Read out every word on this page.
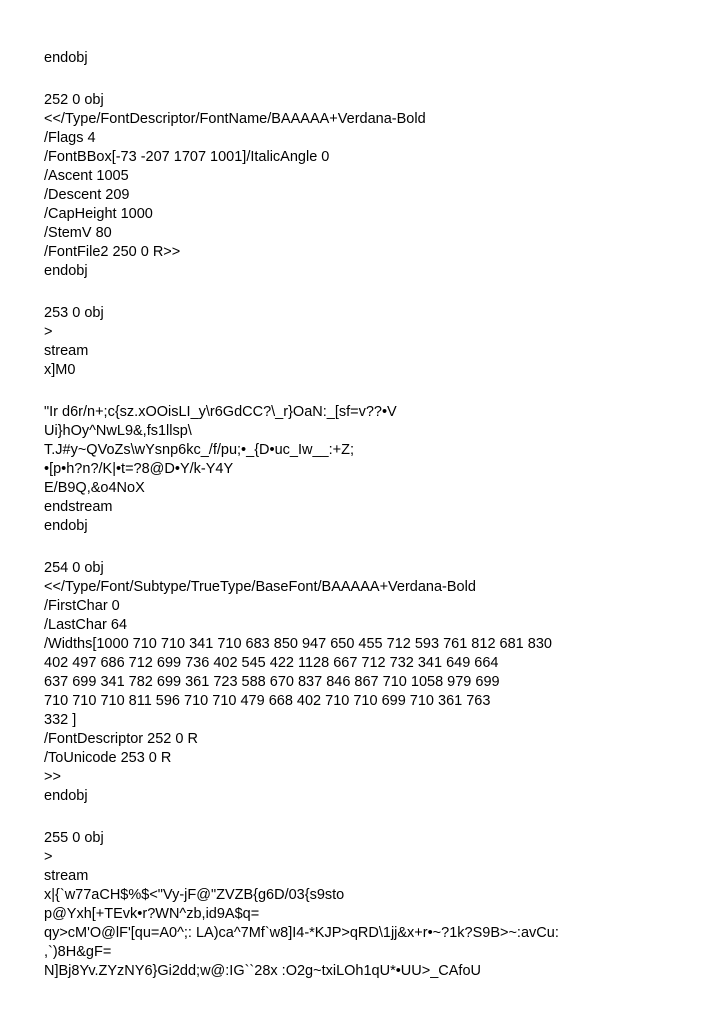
endobj
252 0 obj
<</Type/FontDescriptor/FontName/BAAAAA+Verdana-Bold
/Flags 4
/FontBBox[-73 -207 1707 1001]/ItalicAngle 0
/Ascent 1005
/Descent 209
/CapHeight 1000
/StemV 80
/FontFile2 250 0 R>>
endobj
253 0 obj
>
stream
x]M0
"Ir d6r/n+;c{sz.xOOisLI_y\r6GdCC?\_r}OaN:_[sf=v??•V
Ui}hOy^NwL9&,fs1llsp\
T.J#y~QVoZs\wYsnp6kc_/f/pu;•_{D•uc_Iw__:+Z;
•[p•h?n?/K|•t=?8@D•Y/k-Y4Y
E/B9Q,&o4NoX
endstream
endobj
254 0 obj
<</Type/Font/Subtype/TrueType/BaseFont/BAAAAA+Verdana-Bold
/FirstChar 0
/LastChar 64
/Widths[1000 710 710 341 710 683 850 947 650 455 712 593 761 812 681 830
402 497 686 712 699 736 402 545 422 1128 667 712 732 341 649 664
637 699 341 782 699 361 723 588 670 837 846 867 710 1058 979 699
710 710 710 811 596 710 710 479 668 402 710 710 699 710 361 763
332 ]
/FontDescriptor 252 0 R
/ToUnicode 253 0 R
>>
endobj
255 0 obj
>
stream
x|{`w77aCH$%$<"Vy-jF@"ZVZB{g6D/03{s9sto
p@Yxh[+TEvk•r?WN^zb,id9A$q=
qy>cM'O@lF'[qu=A0^;: LA)ca^7Mf`w8]I4-*KJP>qRD\1jj&x+r•~?1k?S9B>~:avCu:
,`)8H&gF=
N]Bj8Yv.ZYzNY6}Gi2dd;w@:IG``28x :O2g~txiLOh1qU*•UU>_CAfoU
